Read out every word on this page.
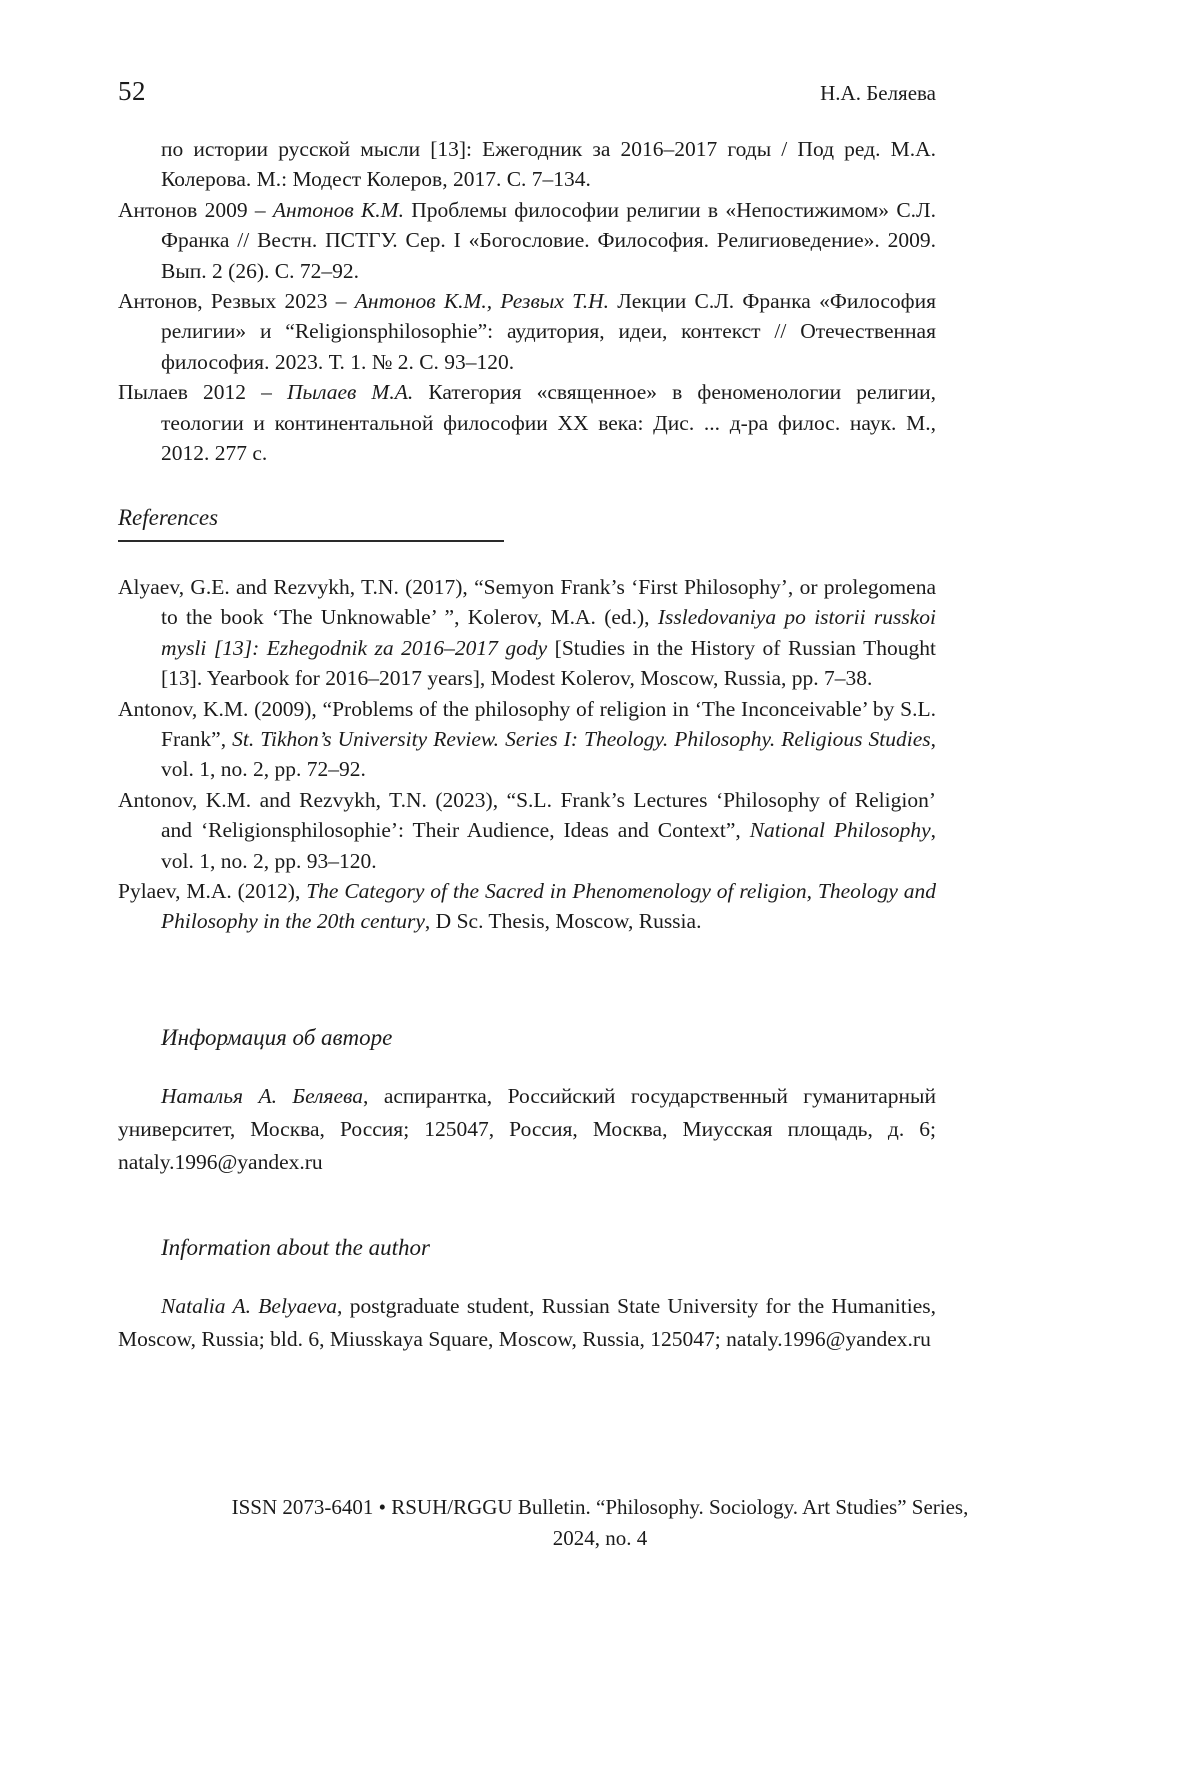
52	Н.А. Беляева

по истории русской мысли [13]: Ежегодник за 2016–2017 годы / Под ред. М.А. Колерова. М.: Модест Колеров, 2017. С. 7–134.

Антонов 2009 – Антонов К.М. Проблемы философии религии в «Непостижимом» С.Л. Франка // Вестн. ПСТГУ. Сер. I «Богословие. Философия. Религиоведение». 2009. Вып. 2 (26). С. 72–92.

Антонов, Резвых 2023 – Антонов К.М., Резвых Т.Н. Лекции С.Л. Франка «Философия религии» и “Religionsphilosophie”: аудитория, идеи, контекст // Отечественная философия. 2023. Т. 1. № 2. С. 93–120.

Пылаев 2012 – Пылаев М.А. Категория «священное» в феноменологии религии, теологии и континентальной философии XX века: Дис. ... д-ра филос. наук. М., 2012. 277 с.

References

Alyaev, G.E. and Rezvykh, T.N. (2017), “Semyon Frank’s ‘First Philosophy’, or prolegomena to the book ‘The Unknowable’ ”, Kolerov, M.A. (ed.), Issledovaniya po istorii russkoi mysli [13]: Ezhegodnik za 2016–2017 gody [Studies in the History of Russian Thought [13]. Yearbook for 2016–2017 years], Modest Kolerov, Moscow, Russia, pp. 7–38.

Antonov, K.M. (2009), “Problems of the philosophy of religion in ‘The Inconceivable’ by S.L. Frank”, St. Tikhon’s University Review. Series I: Theology. Philosophy. Religious Studies, vol. 1, no. 2, pp. 72–92.

Antonov, K.M. and Rezvykh, T.N. (2023), “S.L. Frank’s Lectures ‘Philosophy of Religion’ and ‘Religionsphilosophie’: Their Audience, Ideas and Context”, National Philosophy, vol. 1, no. 2, pp. 93–120.

Pylaev, M.A. (2012), The Category of the Sacred in Phenomenology of religion, Theology and Philosophy in the 20th century, D Sc. Thesis, Moscow, Russia.

Информация об авторе

Наталья А. Беляева, аспирантка, Российский государственный гуманитарный университет, Москва, Россия; 125047, Россия, Москва, Миусская площадь, д. 6; nataly.1996@yandex.ru

Information about the author

Natalia A. Belyaeva, postgraduate student, Russian State University for the Humanities, Moscow, Russia; bld. 6, Miusskaya Square, Moscow, Russia, 125047; nataly.1996@yandex.ru

ISSN 2073-6401 • RSUH/RGGU Bulletin. “Philosophy. Sociology. Art Studies” Series,
2024, no. 4
